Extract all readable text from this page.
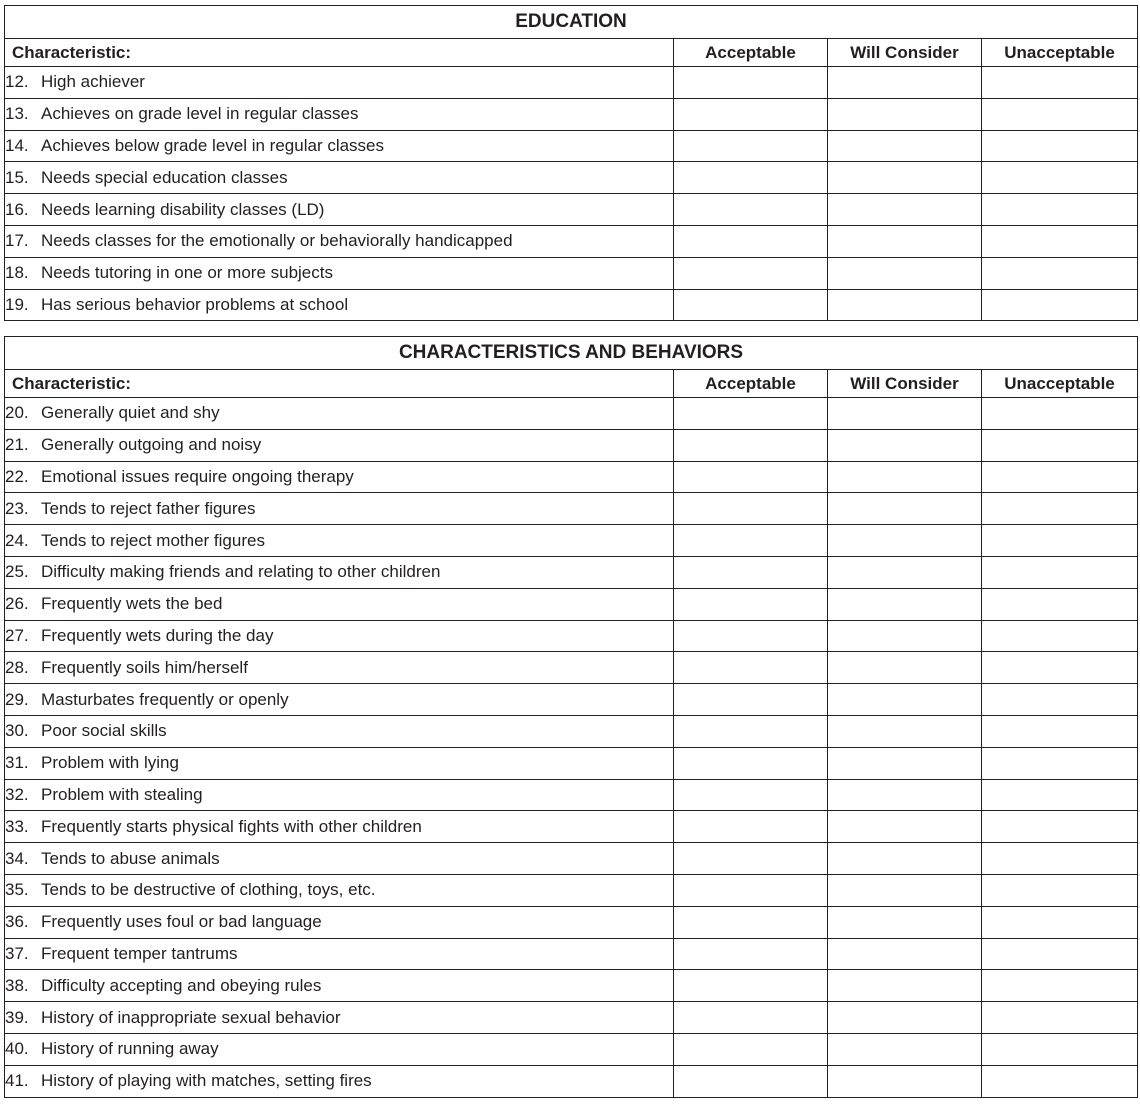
EDUCATION			
Characteristic:	Acceptable	Will Consider	Unacceptable
12. High achiever			
13. Achieves on grade level in regular classes			
14. Achieves below grade level in regular classes			
15. Needs special education classes			
16. Needs learning disability classes (LD)			
17. Needs classes for the emotionally or behaviorally handicapped			
18. Needs tutoring in one or more subjects			
19. Has serious behavior problems at school			
CHARACTERISTICS AND BEHAVIORS			
Characteristic:	Acceptable	Will Consider	Unacceptable
20. Generally quiet and shy			
21. Generally outgoing and noisy			
22. Emotional issues require ongoing therapy			
23. Tends to reject father figures			
24. Tends to reject mother figures			
25. Difficulty making friends and relating to other children			
26. Frequently wets the bed			
27. Frequently wets during the day			
28. Frequently soils him/herself			
29. Masturbates frequently or openly			
30. Poor social skills			
31. Problem with lying			
32. Problem with stealing			
33. Frequently starts physical fights with other children			
34. Tends to abuse animals			
35. Tends to be destructive of clothing, toys, etc.			
36. Frequently uses foul or bad language			
37. Frequent temper tantrums			
38. Difficulty accepting and obeying rules			
39. History of inappropriate sexual behavior			
40. History of running away			
41. History of playing with matches, setting fires			
